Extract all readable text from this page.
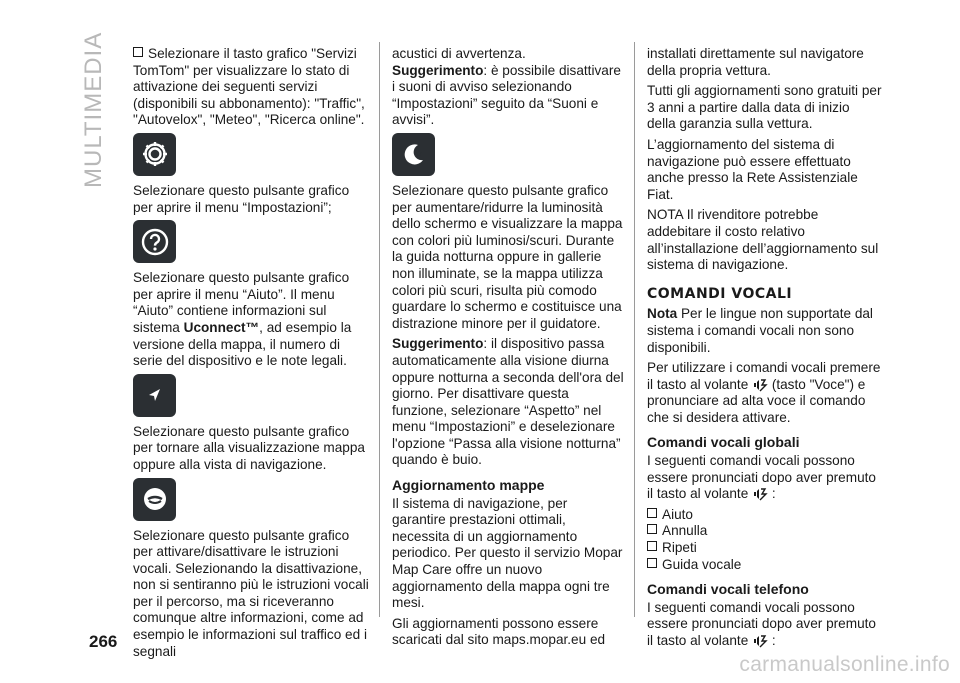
MULTIMEDIA	Selezionare il tasto grafico "Servizi TomTom" per visualizzare lo stato di attivazione dei seguenti servizi (disponibili su abbonamento): "Traffic", "Autovelox", "Meteo", "Ricerca online".

Selezionare questo pulsante grafico per aprire il menu “Impostazioni”;

Selezionare questo pulsante grafico per aprire il menu “Aiuto”. Il menu “Aiuto” contiene informazioni sul sistema Uconnect™, ad esempio la versione della mappa, il numero di serie del dispositivo e le note legali.

Selezionare questo pulsante grafico per tornare alla visualizzazione mappa oppure alla vista di navigazione.

Selezionare questo pulsante grafico per attivare/disattivare le istruzioni vocali. Selezionando la disattivazione, non si sentiranno più le istruzioni vocali per il percorso, ma si riceveranno comunque altre informazioni, come ad esempio le informazioni sul traffico ed i segnali

acustici di avvertenza. Suggerimento: è possibile disattivare i suoni di avviso selezionando “Impostazioni” seguito da “Suoni e avvisi”.

Selezionare questo pulsante grafico per aumentare/ridurre la luminosità dello schermo e visualizzare la mappa con colori più luminosi/scuri. Durante la guida notturna oppure in gallerie non illuminate, se la mappa utilizza colori più scuri, risulta più comodo guardare lo schermo e costituisce una distrazione minore per il guidatore.

Suggerimento: il dispositivo passa automaticamente alla visione diurna oppure notturna a seconda dell'ora del giorno. Per disattivare questa funzione, selezionare “Aspetto” nel menu “Impostazioni” e deselezionare l'opzione “Passa alla visione notturna” quando è buio.

Aggiornamento mappe

Il sistema di navigazione, per garantire prestazioni ottimali, necessita di un aggiornamento periodico. Per questo il servizio Mopar Map Care offre un nuovo aggiornamento della mappa ogni tre mesi.

Gli aggiornamenti possono essere scaricati dal sito maps.mopar.eu ed

installati direttamente sul navigatore della propria vettura.

Tutti gli aggiornamenti sono gratuiti per 3 anni a partire dalla data di inizio della garanzia sulla vettura.

L’aggiornamento del sistema di navigazione può essere effettuato anche presso la Rete Assistenziale Fiat.

NOTA Il rivenditore potrebbe addebitare il costo relativo all’installazione dell’aggiornamento sul sistema di navigazione.

COMANDI VOCALI

Nota Per le lingue non supportate dal sistema i comandi vocali non sono disponibili.

Per utilizzare i comandi vocali premere il tasto al volante  (tasto "Voce") e pronunciare ad alta voce il comando che si desidera attivare.

Comandi vocali globali

I seguenti comandi vocali possono essere pronunciati dopo aver premuto il tasto al volante :

Aiuto
Annulla
Ripeti
Guida vocale
Comandi vocali telefono

I seguenti comandi vocali possono essere pronunciati dopo aver premuto il tasto al volante :

266
carmanualsonline.info
